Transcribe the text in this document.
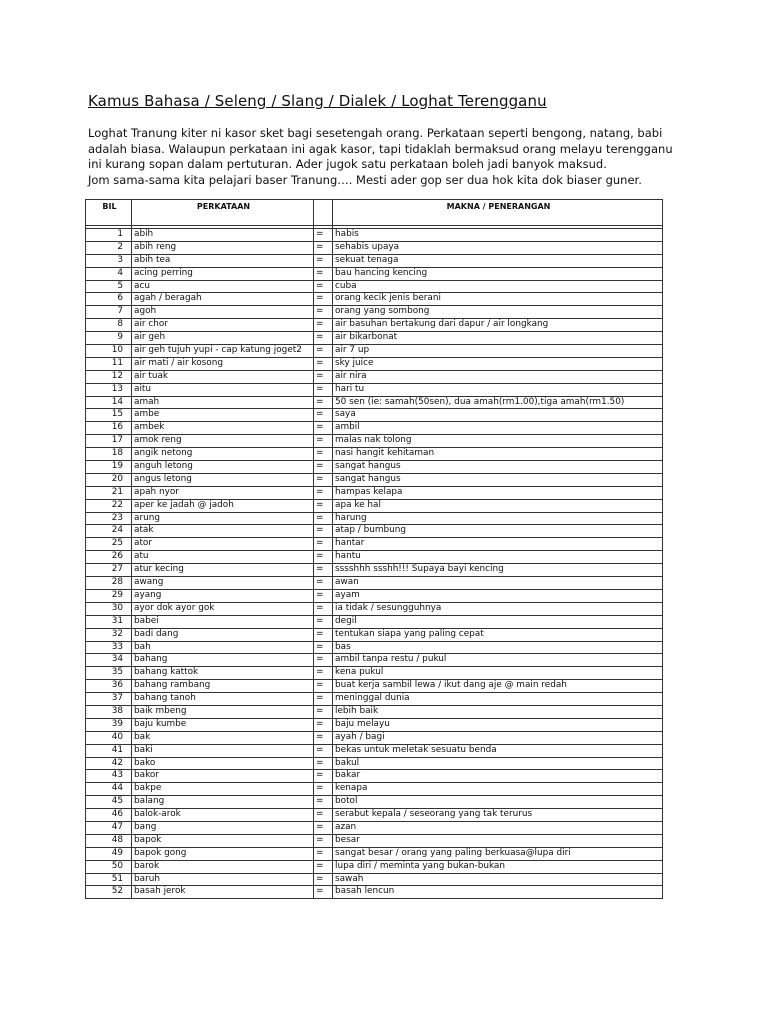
Kamus Bahasa / Seleng / Slang / Dialek / Loghat Terengganu

Loghat Tranung kiter ni kasor sket bagi sesetengah orang. Perkataan seperti bengong, natang, babi
adalah biasa. Walaupun perkataan ini agak kasor, tapi tidaklah bermaksud orang melayu terengganu
ini kurang sopan dalam pertuturan. Ader jugok satu perkataan boleh jadi banyok maksud.
Jom sama-sama kita pelajari baser Tranung…. Mesti ader gop ser dua hok kita dok biaser guner.

BIL	PERKATAAN		MAKNA / PENERANGAN

1	abih	=	habis
2	abih reng	=	sehabis upaya
3	abih tea	=	sekuat tenaga
4	acing perring	=	bau hancing kencing
5	acu	=	cuba
6	agah / beragah	=	orang kecik jenis berani
7	agoh	=	orang yang sombong
8	air chor	=	air basuhan bertakung dari dapur / air longkang
9	air geh	=	air bikarbonat
10	air geh tujuh yupi - cap katung joget2	=	air 7 up
11	air mati / air kosong	=	sky juice
12	air tuak	=	air nira
13	aitu	=	hari tu
14	amah	=	50 sen (ie: samah(50sen), dua amah(rm1.00),tiga amah(rm1.50)
15	ambe	=	saya
16	ambek	=	ambil
17	amok reng	=	malas nak tolong
18	angik netong	=	nasi hangit kehitaman
19	anguh letong	=	sangat hangus
20	angus letong	=	sangat hangus
21	apah nyor	=	hampas kelapa
22	aper ke jadah @ jadoh	=	apa ke hal
23	arung	=	harung
24	atak	=	atap / bumbung
25	ator	=	hantar
26	atu	=	hantu
27	atur kecing	=	sssshhh ssshh!!! Supaya bayi kencing
28	awang	=	awan
29	ayang	=	ayam
30	ayor dok ayor gok	=	ia tidak / sesungguhnya
31	babei	=	degil
32	badi dang	=	tentukan siapa yang paling cepat
33	bah	=	bas
34	bahang	=	ambil tanpa restu / pukul
35	bahang kattok	=	kena pukul
36	bahang rambang	=	buat kerja sambil lewa / ikut dang aje @ main redah
37	bahang tanoh	=	meninggal dunia
38	baik mbeng	=	lebih baik
39	baju kumbe	=	baju melayu
40	bak	=	ayah / bagi
41	baki	=	bekas untuk meletak sesuatu benda
42	bako	=	bakul
43	bakor	=	bakar
44	bakpe	=	kenapa
45	balang	=	botol
46	balok-arok	=	serabut kepala / seseorang yang tak terurus
47	bang	=	azan
48	bapok	=	besar
49	bapok gong	=	sangat besar / orang yang paling berkuasa@lupa diri
50	barok	=	lupa diri / meminta yang bukan-bukan
51	baruh	=	sawah
52	basah jerok	=	basah lencun
